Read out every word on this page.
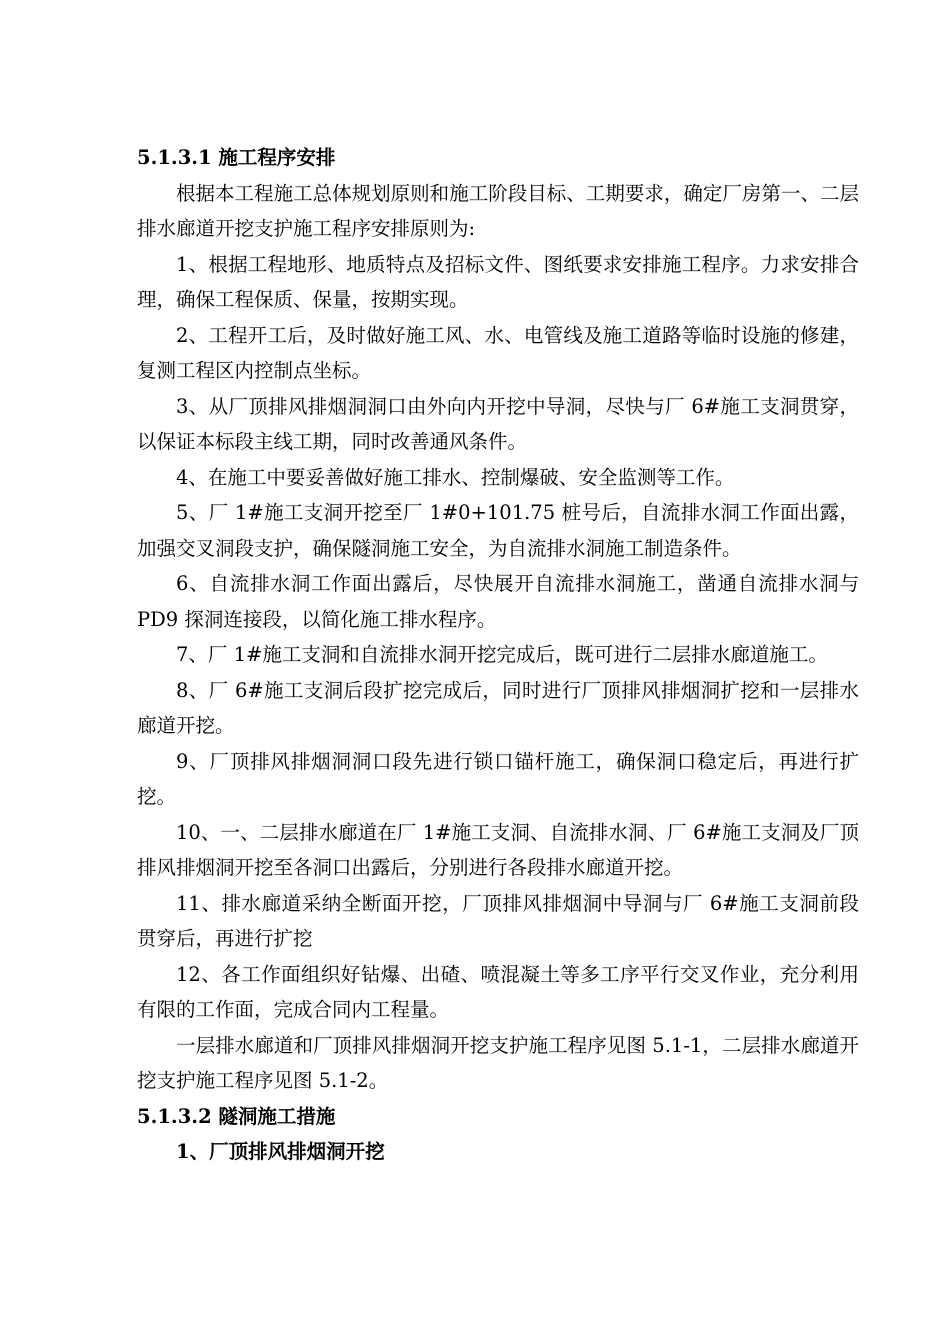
5.1.3.1 施工程序安排

根据本工程施工总体规划原则和施工阶段目标、工期要求，确定厂房第一、二层排水廊道开挖支护施工程序安排原则为:

1、根据工程地形、地质特点及招标文件、图纸要求安排施工程序。力求安排合理，确保工程保质、保量，按期实现。

2、工程开工后，及时做好施工风、水、电管线及施工道路等临时设施的修建，复测工程区内控制点坐标。

3、从厂顶排风排烟洞洞口由外向内开挖中导洞，尽快与厂 6#施工支洞贯穿，以保证本标段主线工期，同时改善通风条件。

4、在施工中要妥善做好施工排水、控制爆破、安全监测等工作。

5、厂 1#施工支洞开挖至厂 1#0+101.75 桩号后，自流排水洞工作面出露，加强交叉洞段支护，确保隧洞施工安全，为自流排水洞施工制造条件。

6、自流排水洞工作面出露后，尽快展开自流排水洞施工，凿通自流排水洞与 PD9 探洞连接段，以简化施工排水程序。

7、厂 1#施工支洞和自流排水洞开挖完成后，既可进行二层排水廊道施工。

8、厂 6#施工支洞后段扩挖完成后，同时进行厂顶排风排烟洞扩挖和一层排水廊道开挖。

9、厂顶排风排烟洞洞口段先进行锁口锚杆施工，确保洞口稳定后，再进行扩挖。

10、一、二层排水廊道在厂 1#施工支洞、自流排水洞、厂 6#施工支洞及厂顶排风排烟洞开挖至各洞口出露后，分别进行各段排水廊道开挖。

11、排水廊道采纳全断面开挖，厂顶排风排烟洞中导洞与厂 6#施工支洞前段贯穿后，再进行扩挖

12、各工作面组织好钻爆、出碴、喷混凝土等多工序平行交叉作业，充分利用有限的工作面，完成合同内工程量。

一层排水廊道和厂顶排风排烟洞开挖支护施工程序见图 5.1-1，二层排水廊道开挖支护施工程序见图 5.1-2。

5.1.3.2 隧洞施工措施
1、厂顶排风排烟洞开挖
